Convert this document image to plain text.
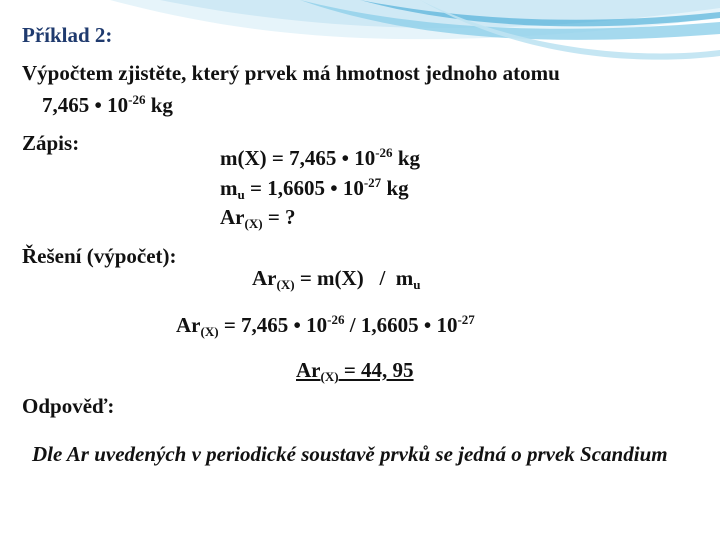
Příklad 2:
Výpočtem zjistěte, který prvek má hmotnost jednoho atomu
7,465 • $10^{-26}$ kg
Zápis:
m(X) = 7,465 • $10^{-26}$ kg
$m_u = 1,6605$ • $10^{-27}$ kg
$Ar_{(X)}$ = ?
Řešení (výpočet):
$Ar_{(X)} = m(X) / m_u$
$Ar_{(X)} = 7,465$ • $10^{-26} / 1,6605$ • $10^{-27}$
$Ar_{(X)} = 44$, 95
Odpověď:
Dle Ar uvedených v periodické soustavě prvků se jedná o prvek Scandium
